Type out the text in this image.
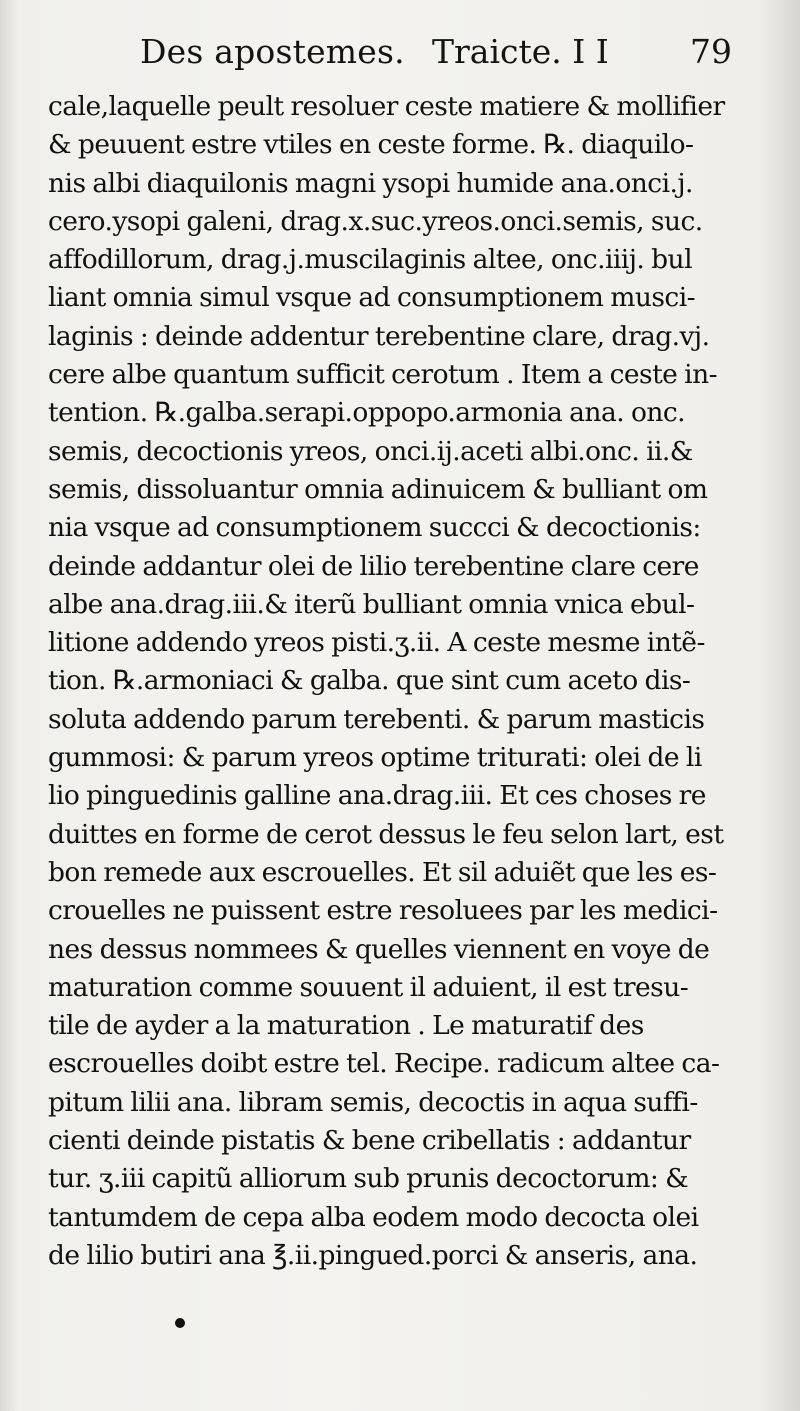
Des apostemes. Traicte. I I 79
cale,laquelle peult resoluer ceste matiere & mollifier
& peuuent estre vtiles en ceste forme. ℞. diaquilo-
nis albi diaquilonis magni ysopi humide ana.onci.j.
cero.ysopi galeni, drag.x.suc.yreos.onci.semis, suc.
affodillorum, drag.j.muscilaginis altee, onc.iiij. bul
liant omnia simul vsque ad consumptionem musci-
laginis : deinde addentur terebentine clare, drag.vj.
cere albe quantum sufficit cerotum . Item a ceste in-
tention. ℞.galba.serapi.oppopo.armonia ana. onc.
semis, decoctionis yreos, onci.ij.aceti albi.onc. ii.&
semis, dissoluantur omnia adinuicem & bulliant om
nia vsque ad consumptionem succci & decoctionis:
deinde addantur olei de lilio terebentine clare cere
albe ana.drag.iii.& iterũ bulliant omnia vnica ebul-
litione addendo yreos pisti.ʒ.ii. A ceste mesme intẽ-
tion. ℞.armoniaci & galba. que sint cum aceto dis-
soluta addendo parum terebenti. & parum masticis
gummosi: & parum yreos optime triturati: olei de li
lio pinguedinis galline ana.drag.iii. Et ces choses re
duittes en forme de cerot dessus le feu selon lart, est
bon remede aux escrouelles. Et sil aduiẽt que les es-
crouelles ne puissent estre resoluees par les medici-
nes dessus nommees & quelles viennent en voye de
maturation comme souuent il aduient, il est tresu-
tile de ayder a la maturation . Le maturatif des
escrouelles doibt estre tel. Recipe. radicum altee ca-
pitum lilii ana. libram semis, decoctis in aqua suffi-
cienti deinde pistatis & bene cribellatis : addantur
tur. ʒ.iii capitũ alliorum sub prunis decoctorum: &
tantumdem de cepa alba eodem modo decocta olei
de lilio butiri ana ℥.ii.pingued.porci & anseris, ana.
